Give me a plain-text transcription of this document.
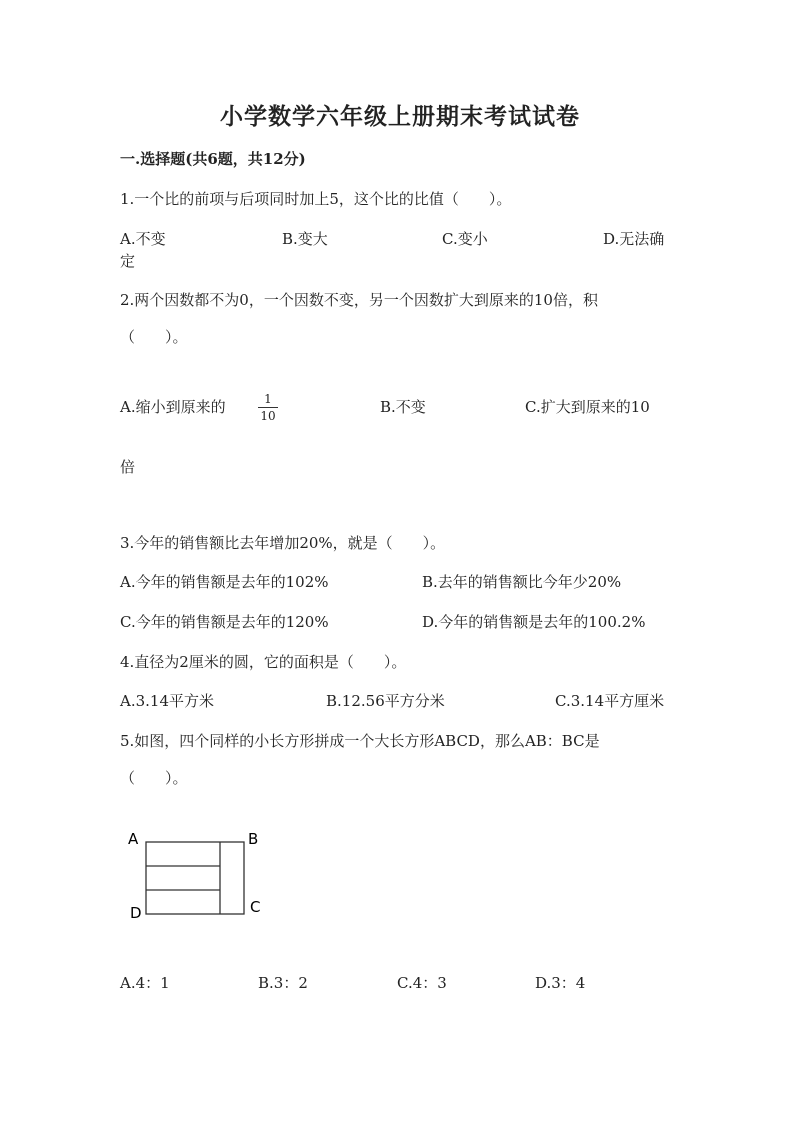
小学数学六年级上册期末考试试卷
一.选择题(共6题，共12分)
1.一个比的前项与后项同时加上5，这个比的比值（　　）。
A.不变	B.变大	C.变小	D.无法确
定
2.两个因数都不为0，一个因数不变，另一个因数扩大到原来的10倍，积
（　　）。
A.缩小到原来的	$\frac{1}{10}$	B.不变	C.扩大到原来的10
倍
3.今年的销售额比去年增加20%，就是（　　）。
A.今年的销售额是去年的102%	B.去年的销售额比今年少20%
C.今年的销售额是去年的120%	D.今年的销售额是去年的100.2%
4.直径为2厘米的圆，它的面积是（　　）。
A.3.14平方米	B.12.56平方分米	C.3.14平方厘米
5.如图，四个同样的小长方形拼成一个大长方形ABCD，那么AB：BC是
（　　）。
A	B
C
D
A.4：1	B.3：2	C.4：3	D.3：4
